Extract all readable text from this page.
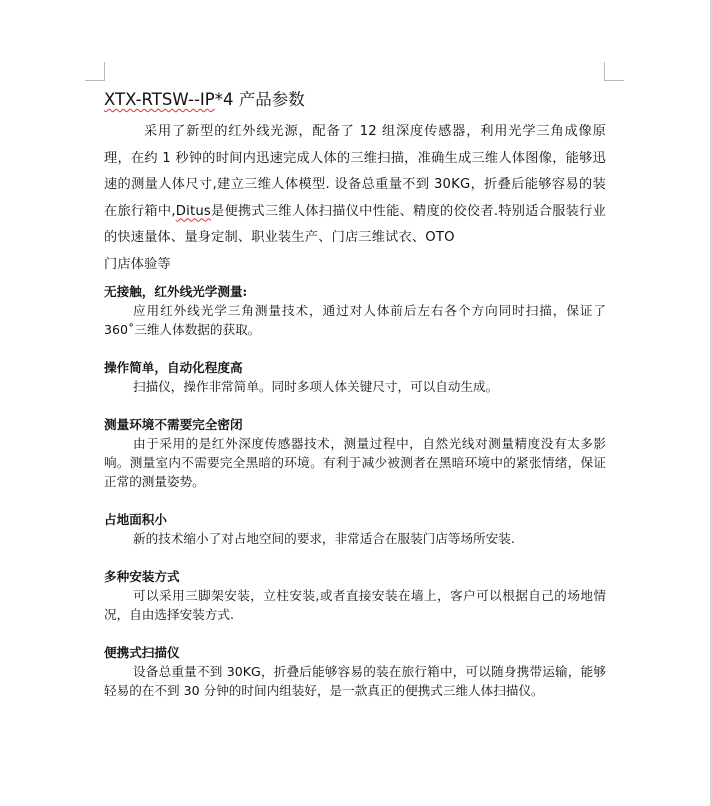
XTX-RTSW--IP*4 产品参数

采用了新型的红外线光源，配备了 12 组深度传感器，利用光学三角成像原理，在约 1 秒钟的时间内迅速完成人体的三维扫描，准确生成三维人体图像，能够迅速的测量人体尺寸,建立三维人体模型. 设备总重量不到 30KG，折叠后能够容易的装在旅行箱中,Ditus是便携式三维人体扫描仪中性能、精度的佼佼者.特别适合服装行业的快速量体、量身定制、职业装生产、门店三维试衣、OTO
门店体验等

无接触，红外线光学测量:

应用红外线光学三角测量技术，通过对人体前后左右各个方向同时扫描，保证了 360˚三维人体数据的获取。

操作简单，自动化程度高

扫描仪，操作非常简单。同时多项人体关键尺寸，可以自动生成。

测量环境不需要完全密闭

由于采用的是红外深度传感器技术，测量过程中，自然光线对测量精度没有太多影响。测量室内不需要完全黑暗的环境。有利于减少被测者在黑暗环境中的紧张情绪，保证正常的测量姿势。

占地面积小

新的技术缩小了对占地空间的要求，非常适合在服装门店等场所安装.

多种安装方式

可以采用三脚架安装，立柱安装,或者直接安装在墙上，客户可以根据自己的场地情况，自由选择安装方式.

便携式扫描仪

设备总重量不到 30KG，折叠后能够容易的装在旅行箱中，可以随身携带运输，能够轻易的在不到 30 分钟的时间内组装好，是一款真正的便携式三维人体扫描仪。
